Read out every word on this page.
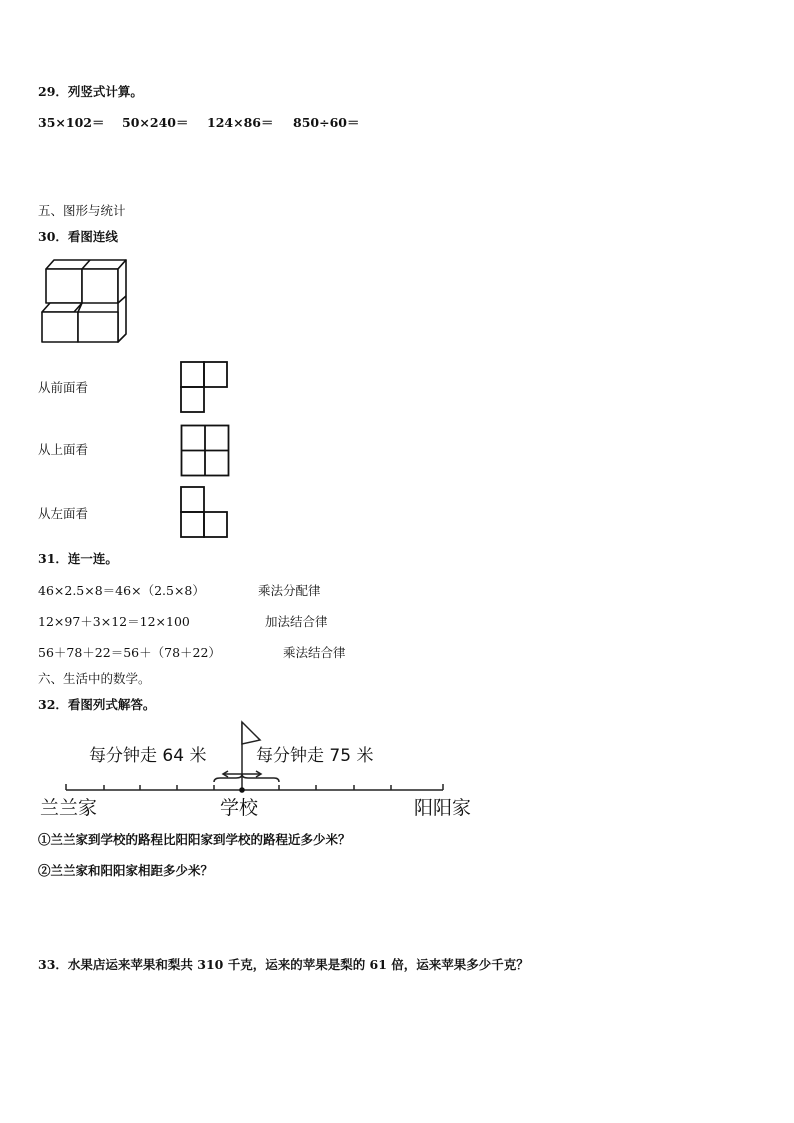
29．列竖式计算。
35×102＝ 50×240＝ 124×86＝ 850÷60＝
五、图形与统计
30．看图连线
从前面看
从上面看
从左面看
31．连一连。
46×2.5×8＝46×（2.5×8）	乘法分配律
12×97＋3×12＝12×100	加法结合律
56＋78＋22＝56＋（78＋22）	乘法结合律
六、生活中的数学。
32．看图列式解答。
每分钟走 64 米	每分钟走 75 米
兰兰家	学校	阳阳家
①兰兰家到学校的路程比阳阳家到学校的路程近多少米？
②兰兰家和阳阳家相距多少米？
33．水果店运来苹果和梨共 310 千克，运来的苹果是梨的 61 倍，运来苹果多少千克？
